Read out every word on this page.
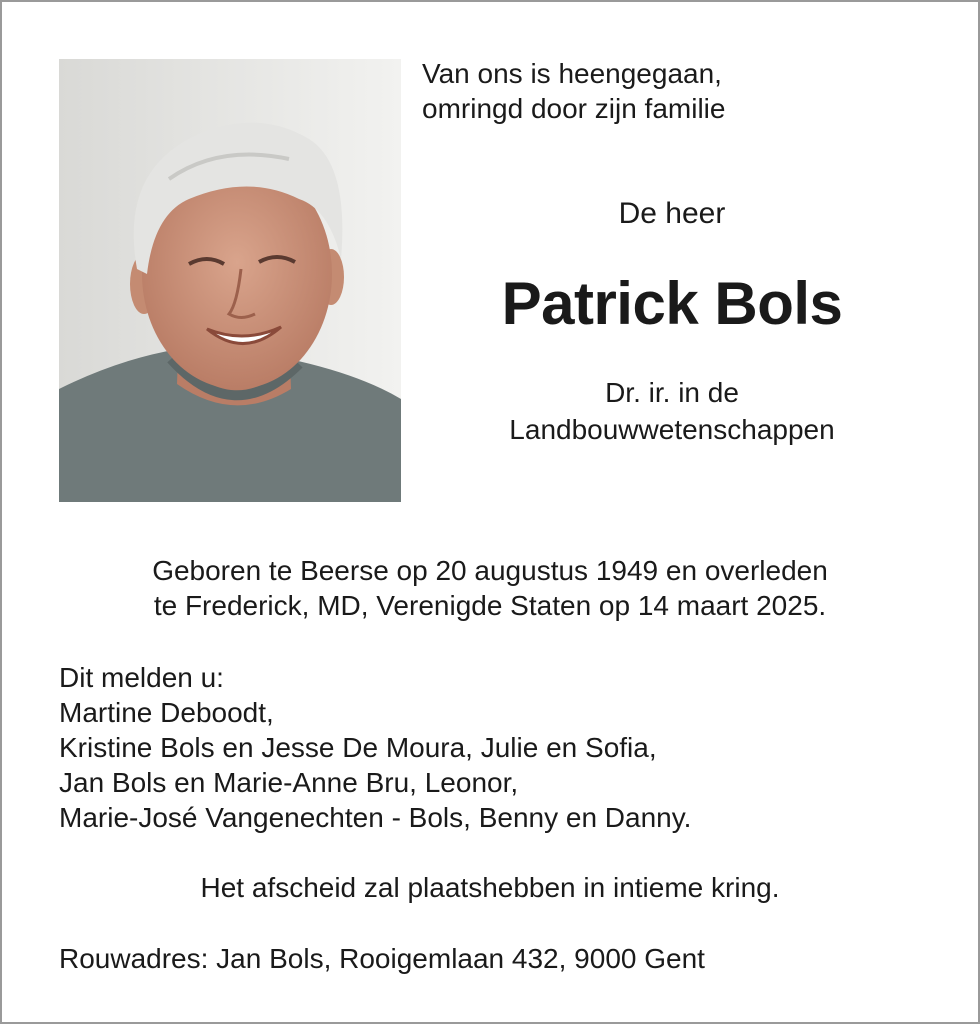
Van ons is heengegaan,
omringd door zijn familie
De heer
Patrick Bols
Dr. ir. in de
Landbouwwetenschappen
Geboren te Beerse op 20 augustus 1949 en overleden
te Frederick, MD, Verenigde Staten op 14 maart 2025.
Dit melden u:
Martine Deboodt,
Kristine Bols en Jesse De Moura, Julie en Sofia,
Jan Bols en Marie-Anne Bru, Leonor,
Marie-José Vangenechten - Bols, Benny en Danny.
Het afscheid zal plaatshebben in intieme kring.
Rouwadres: Jan Bols, Rooigemlaan 432, 9000 Gent
